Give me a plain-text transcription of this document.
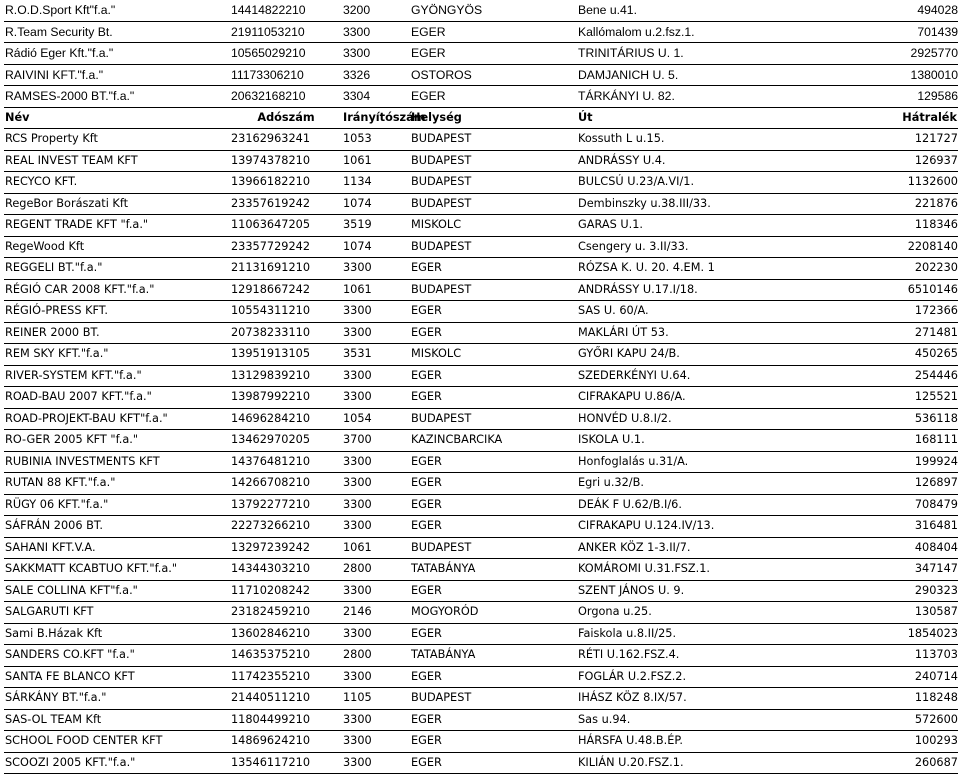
R.O.D.Sport Kft"f.a."	14414822210	3200	GYÖNGYÖS	Bene u.41.	494028
R.Team Security Bt.	21911053210	3300	EGER	Kallómalom u.2.fsz.1.	701439
Rádió Eger Kft."f.a."	10565029210	3300	EGER	TRINITÁRIUS U. 1.	2925770
RAIVINI KFT."f.a."	11173306210	3326	OSTOROS	DAMJANICH U. 5.	1380010
RAMSES-2000 BT."f.a."	20632168210	3304	EGER	TÁRKÁNYI U. 82.	129586
Név	Adószám	Irányítószám	Helység	Út	Hátralék
RCS Property Kft	23162963241	1053	BUDAPEST	Kossuth L u.15.	121727
REAL INVEST TEAM KFT	13974378210	1061	BUDAPEST	ANDRÁSSY U.4.	126937
RECYCO KFT.	13966182210	1134	BUDAPEST	BULCSÚ U.23/A.VI/1.	1132600
RegeBor Borászati Kft	23357619242	1074	BUDAPEST	Dembinszky u.38.III/33.	221876
REGENT TRADE KFT "f.a."	11063647205	3519	MISKOLC	GARAS U.1.	118346
RegeWood Kft	23357729242	1074	BUDAPEST	Csengery u. 3.II/33.	2208140
REGGELI BT."f.a."	21131691210	3300	EGER	RÓZSA K. U. 20. 4.EM. 1	202230
RÉGIÓ CAR 2008 KFT."f.a."	12918667242	1061	BUDAPEST	ANDRÁSSY U.17.I/18.	6510146
RÉGIÓ-PRESS KFT.	10554311210	3300	EGER	SAS U. 60/A.	172366
REINER 2000 BT.	20738233110	3300	EGER	MAKLÁRI ÚT 53.	271481
REM SKY KFT."f.a."	13951913105	3531	MISKOLC	GYŐRI KAPU 24/B.	450265
RIVER-SYSTEM KFT."f.a."	13129839210	3300	EGER	SZEDERKÉNYI U.64.	254446
ROAD-BAU 2007 KFT."f.a."	13987992210	3300	EGER	CIFRAKAPU U.86/A.	125521
ROAD-PROJEKT-BAU KFT"f.a."	14696284210	1054	BUDAPEST	HONVÉD U.8.I/2.	536118
RO-GER 2005 KFT "f.a."	13462970205	3700	KAZINCBARCIKA	ISKOLA U.1.	168111
RUBINIA INVESTMENTS KFT	14376481210	3300	EGER	Honfoglalás u.31/A.	199924
RUTAN 88 KFT."f.a."	14266708210	3300	EGER	Egri u.32/B.	126897
RÜGY 06 KFT."f.a."	13792277210	3300	EGER	DEÁK F U.62/B.I/6.	708479
SÁFRÁN 2006 BT.	22273266210	3300	EGER	CIFRAKAPU U.124.IV/13.	316481
SAHANI KFT.V.A.	13297239242	1061	BUDAPEST	ANKER KÖZ 1-3.II/7.	408404
SAKKMATT KCABTUO KFT."f.a."	14344303210	2800	TATABÁNYA	KOMÁROMI U.31.FSZ.1.	347147
SALE COLLINA KFT"f.a."	11710208242	3300	EGER	SZENT JÁNOS U. 9.	290323
SALGARUTI KFT	23182459210	2146	MOGYORÓD	Orgona u.25.	130587
Sami B.Házak Kft	13602846210	3300	EGER	Faiskola u.8.II/25.	1854023
SANDERS CO.KFT "f.a."	14635375210	2800	TATABÁNYA	RÉTI U.162.FSZ.4.	113703
SANTA FE BLANCO KFT	11742355210	3300	EGER	FOGLÁR U.2.FSZ.2.	240714
SÁRKÁNY BT."f.a."	21440511210	1105	BUDAPEST	IHÁSZ KÖZ 8.IX/57.	118248
SAS-OL TEAM Kft	11804499210	3300	EGER	Sas u.94.	572600
SCHOOL FOOD CENTER KFT	14869624210	3300	EGER	HÁRSFA U.48.B.ÉP.	100293
SCOOZI 2005 KFT."f.a."	13546117210	3300	EGER	KILIÁN U.20.FSZ.1.	260687
